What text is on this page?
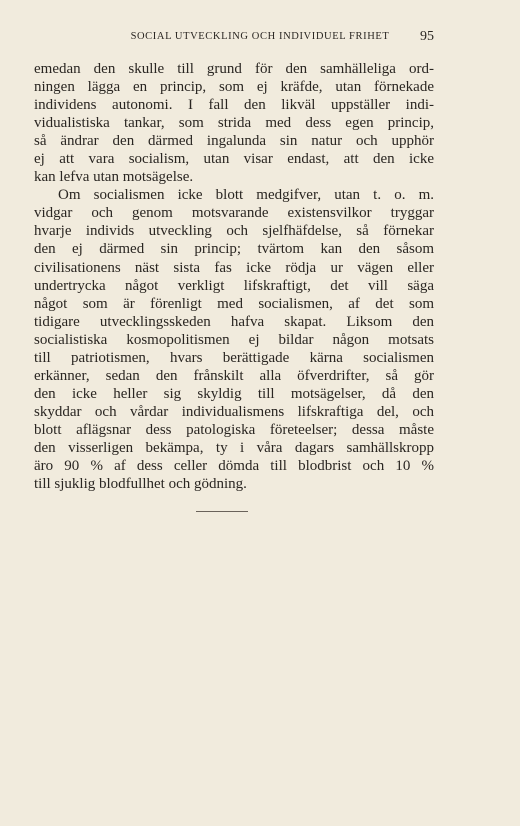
SOCIAL UTVECKLING OCH INDIVIDUEL FRIHET	95
emedan den skulle till grund för den samhälleliga ord-
ningen lägga en princip, som ej kräfde, utan förnekade
individens autonomi. I fall den likväl uppställer indi-
vidualistiska tankar, som strida med dess egen princip,
så ändrar den därmed ingalunda sin natur och upphör
ej att vara socialism, utan visar endast, att den icke
kan lefva utan motsägelse.
Om socialismen icke blott medgifver, utan t. o. m.
vidgar och genom motsvarande existensvilkor tryggar
hvarje individs utveckling och sjelfhäfdelse, så förnekar
den ej därmed sin princip; tvärtom kan den såsom
civilisationens näst sista fas icke rödja ur vägen eller
undertrycka något verkligt lifskraftigt, det vill säga
något som är förenligt med socialismen, af det som
tidigare utvecklingsskeden hafva skapat. Liksom den
socialistiska kosmopolitismen ej bildar någon motsats
till patriotismen, hvars berättigade kärna socialismen
erkänner, sedan den frånskilt alla öfverdrifter, så gör
den icke heller sig skyldig till motsägelser, då den
skyddar och vårdar individualismens lifskraftiga del, och
blott aflägsnar dess patologiska företeelser; dessa måste
den visserligen bekämpa, ty i våra dagars samhällskropp
äro 90 % af dess celler dömda till blodbrist och 10 %
till sjuklig blodfullhet och gödning.
